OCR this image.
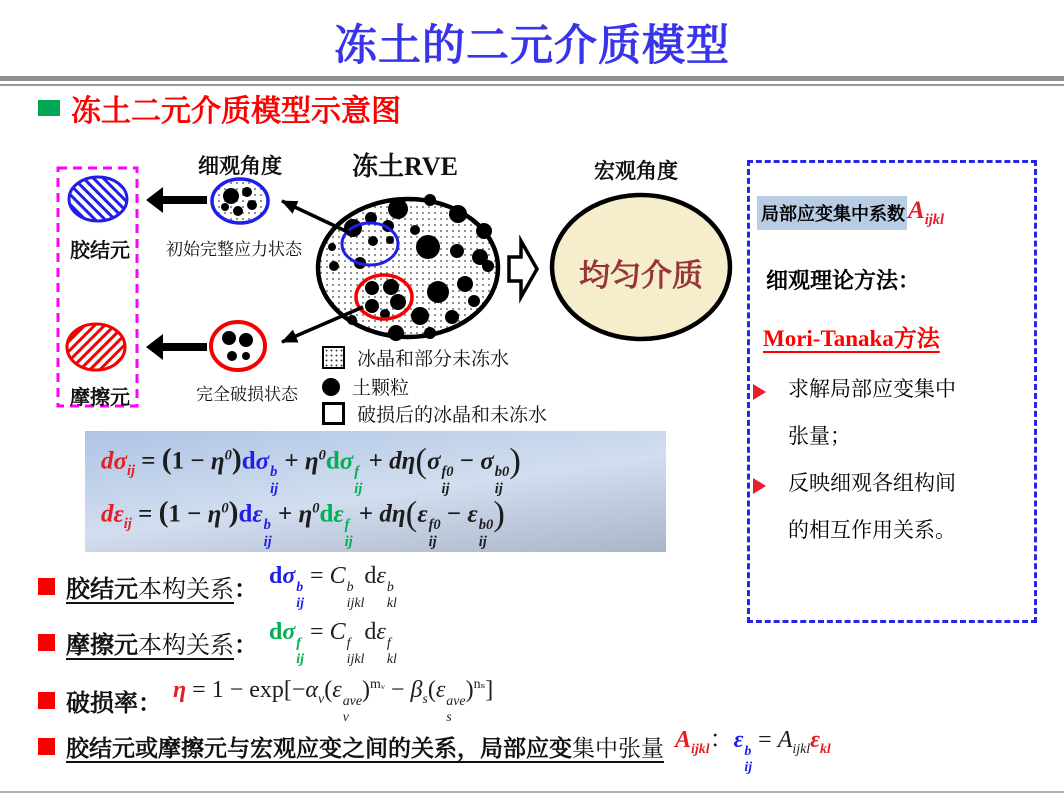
冻土的二元介质模型
冻土二元介质模型示意图
细观角度	冻土RVE	宏观角度
胶结元
摩擦元
初始完整应力状态
完全破损状态
均匀介质
冰晶和部分未冻水
土颗粒
破损后的冰晶和未冻水
局部应变集中系数 $A_{ijkl}$
细观理论方法：
Mori-Tanaka方法
求解局部应变集中张量；
反映细观各组构间的相互作用关系。
$d\sigma_{ij} = (1 - \eta^0)d\sigma$ b
ij
+ $\eta^0d\sigma$ f
ij
+ dη(σ f0
ij
− σ b0
ij
)
$d\varepsilon_{ij} = (1 - \eta^0)d\varepsilon$ b
ij
+ $\eta^0d\varepsilon$ f
ij
+ dη(ε f0
ij
− ε b0
ij
)
胶结元本构关系：
dσ b
ij
= C b
ijkl
dε b
kl
摩擦元本构关系：
dσ f
ij
= C f
ijkl
dε f
kl
破损率： $\eta = 1 - \exp[-\alpha_v(\varepsilon$ ave
v
)$^{mᵥ} - \beta_s(\varepsilon$ ave
s
)$^{n_s}$]
胶结元或摩擦元与宏观应变之间的关系，局部应变集中张量 $A_{ijkl}$：ε b
ij
= $A_{ijkl}\varepsilon_{kl}$
